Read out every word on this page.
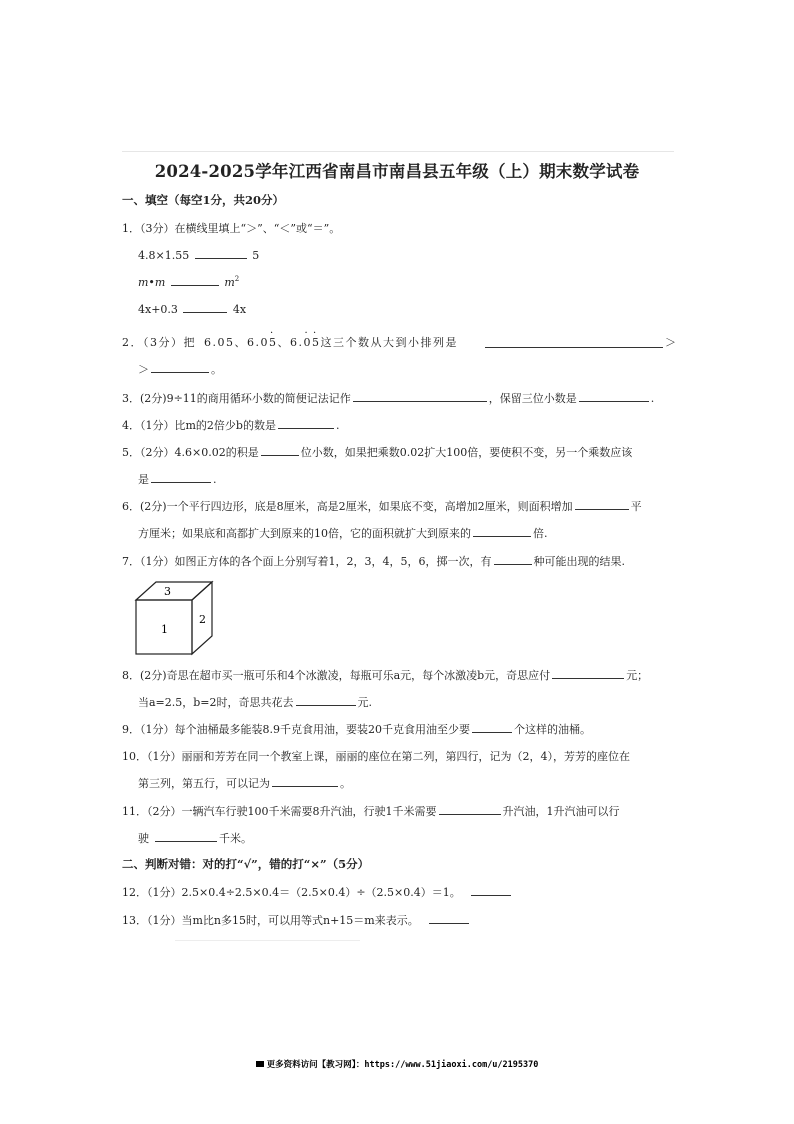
2024-2025学年江西省南昌市南昌县五年级（上）期末数学试卷
一、填空（每空1分，共20分）
1．（3分）在横线里填上“＞”、“＜”或“＝”。
4.8×1.55	5
m•m	$m^2$
4x+0.3	4x
2．（3分）把 6.05、6.0· 5、6.· 0· 5这三个数从大到小排列是	＞
＞	。
3．(2分)9÷11的商用循环小数的简便记法记作	，保留三位小数是	.
4．（1分）比m的2倍少b的数是	.
5．（2分）4.6×0.02的积是	位小数，如果把乘数0.02扩大100倍，要使积不变，另一个乘数应该
是	.
6．(2分)一个平行四边形，底是8厘米，高是2厘米，如果底不变，高增加2厘米，则面积增加	平
方厘米；如果底和高都扩大到原来的10倍，它的面积就扩大到原来的	倍.
7．（1分）如图正方体的各个面上分别写着1，2，3，4，5，6，掷一次，有	种可能出现的结果.
3
1
2
8．(2分)奇思在超市买一瓶可乐和4个冰激凌，每瓶可乐a元，每个冰激凌b元，奇思应付	元；
当a=2.5，b=2时，奇思共花去	元.
9．（1分）每个油桶最多能装8.9千克食用油，要装20千克食用油至少要	个这样的油桶。
10．（1分）丽丽和芳芳在同一个教室上课，丽丽的座位在第二列，第四行，记为（2，4），芳芳的座位在
第三列，第五行，可以记为	。
11．（2分）一辆汽车行驶100千米需要8升汽油，行驶1千米需要	升汽油，1升汽油可以行
驶	千米。
二、判断对错：对的打“√”，错的打“×”（5分）
12．（1分）2.5×0.4÷2.5×0.4＝（2.5×0.4）÷（2.5×0.4）＝1。
13．（1分）当m比n多15时，可以用等式n+15＝m来表示。
更多资料访问【教习网】：https://www.51jiaoxi.com/u/2195370
